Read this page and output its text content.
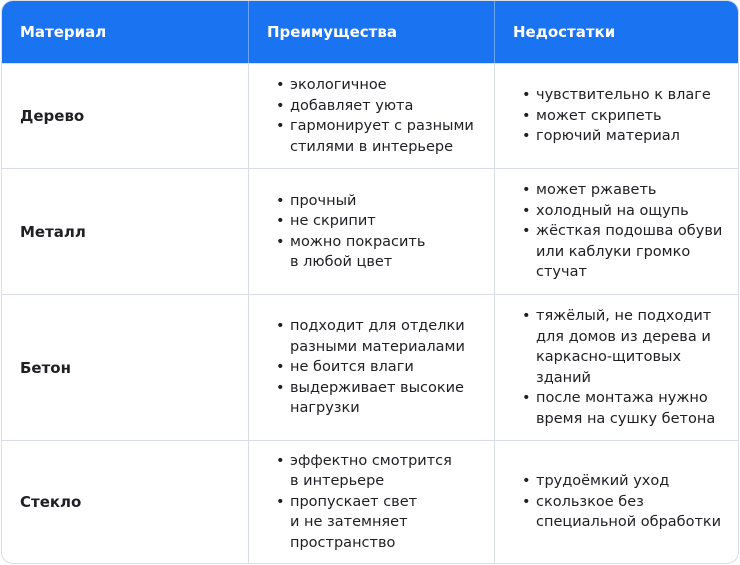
Материал	Преимущества	Недостатки
Дерево
• экологичное
• добавляет уюта
• гармонирует с разными
стилями в интерьере
• чувствительно к влаге
• может скрипеть
• горючий материал
Металл
• прочный
• не скрипит
• можно покрасить
в любой цвет
• может ржаветь
• холодный на ощупь
• жёсткая подошва обуви
или каблуки громко
стучат
Бетон
• подходит для отделки
разными материалами
• не боится влаги
• выдерживает высокие
нагрузки
• тяжёлый, не подходит
для домов из дерева и
каркасно-щитовых
зданий
• после монтажа нужно
время на сушку бетона
Стекло
• эффектно смотрится
в интерьере
• пропускает свет
и не затемняет
пространство
• трудоёмкий уход
• скользкое без
специальной обработки
